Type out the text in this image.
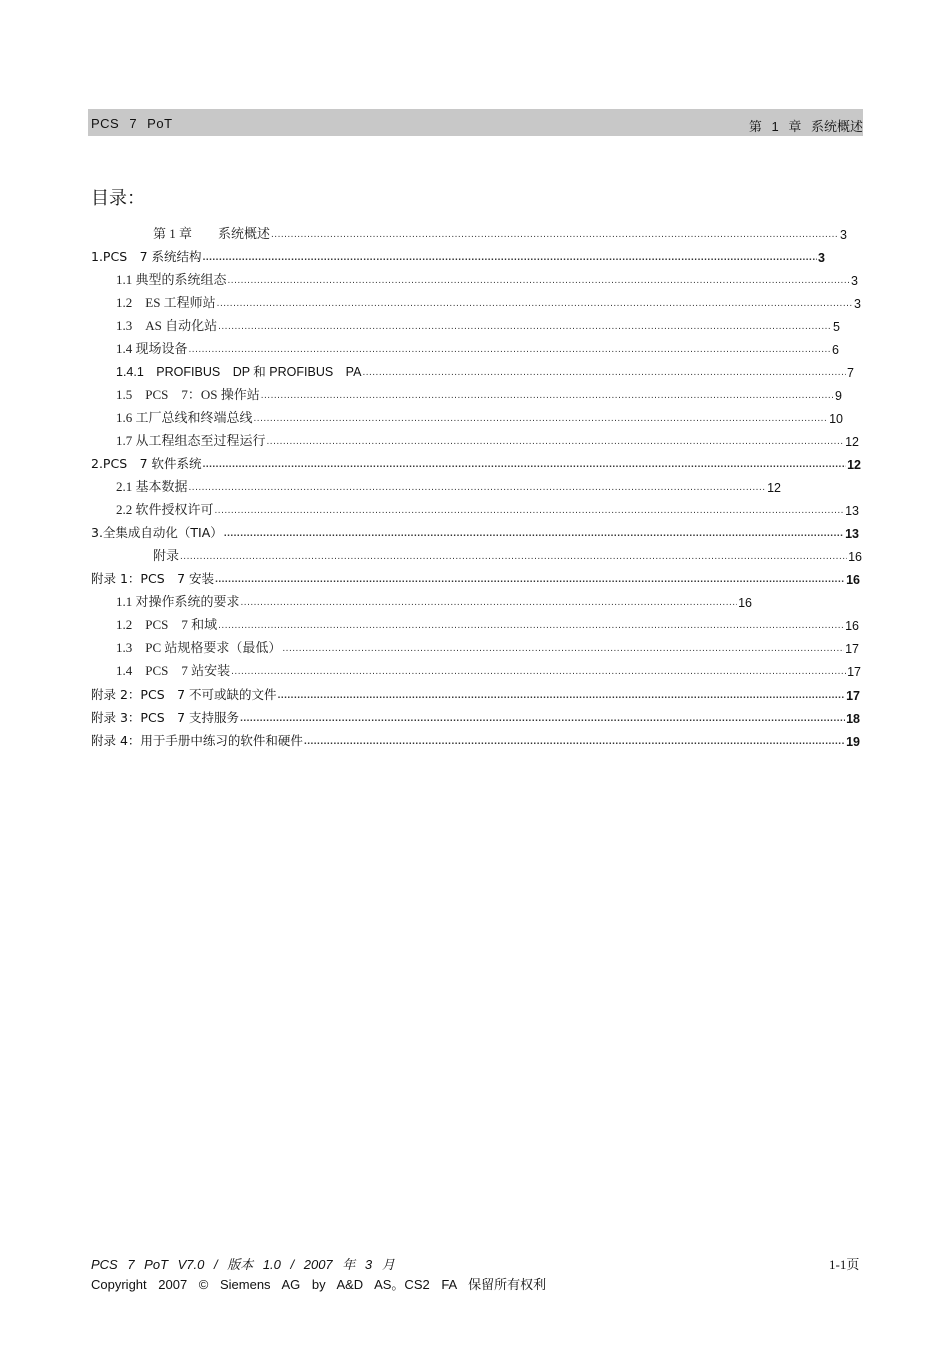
PCS 7 PoT	第 1 章 系统概述
目录：
第 1 章　　系统概述 .....	3
1.PCS　7 系统结构 .....	3
1.1 典型的系统组态 .....	3
1.2　ES 工程师站 .....	3
1.3　AS 自动化站 .....	5
1.4 现场设备 .....	6
1.4.1　PROFIBUS　DP 和 PROFIBUS　PA .....	7
1.5　PCS　7：OS 操作站 .....	9
1.6 工厂总线和终端总线 .....	10
1.7 从工程组态至过程运行 .....	12
2.PCS　7 软件系统 .....	12
2.1 基本数据 .....	12
2.2 软件授权许可 .....	13
3.全集成自动化（TIA） .....	13
附录 .....	16
附录 1：PCS　7 安装 .....	16
1.1 对操作系统的要求 .....	16
1.2　PCS　7 和域 .....	16
1.3　PC 站规格要求（最低） .....	17
1.4　PCS　7 站安装 .....	17
附录 2：PCS　7 不可或缺的文件 .....	17
附录 3：PCS　7 支持服务 .....	18
附录 4：用于手册中练习的软件和硬件 .....	19
PCS 7 PoT V7.0 / 版本 1.0 / 2007 年 3 月	1-1页
Copyright 2007 © Siemens AG by A&D AS。CS2 FA 保留所有权利
